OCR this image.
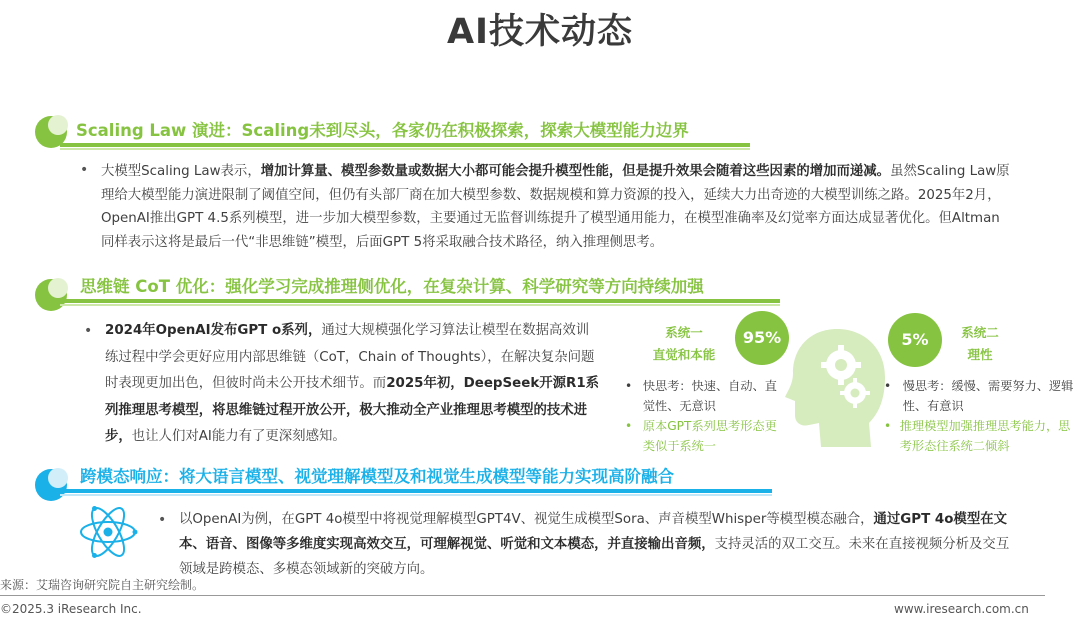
AI技术动态
Scaling Law 演进：Scaling未到尽头，各家仍在积极探索，探索大模型能力边界
• 大模型Scaling Law表示，增加计算量、模型参数量或数据大小都可能会提升模型性能，但是提升效果会随着这些因素的增加而递减。虽然Scaling Law原理给大模型能力演进限制了阈值空间，但仍有头部厂商在加大模型参数、数据规模和算力资源的投入，延续大力出奇迹的大模型训练之路。2025年2月，OpenAI推出GPT 4.5系列模型，进一步加大模型参数，主要通过无监督训练提升了模型通用能力，在模型准确率及幻觉率方面达成显著优化。但Altman同样表示这将是最后一代“非思维链”模型，后面GPT 5将采取融合技术路径，纳入推理侧思考。
思维链 CoT 优化：强化学习完成推理侧优化，在复杂计算、科学研究等方向持续加强
• 2024年OpenAI发布GPT o系列，通过大规模强化学习算法让模型在数据高效训练过程中学会更好应用内部思维链（CoT，Chain of Thoughts），在解决复杂问题时表现更加出色，但彼时尚未公开技术细节。而2025年初，DeepSeek开源R1系列推理思考模型，将思维链过程开放公开，极大推动全产业推理思考模型的技术进步，也让人们对AI能力有了更深刻感知。
系统一
直觉和本能
95%
• 快思考：快速、自动、直觉性、无意识
• 原本GPT系列思考形态更类似于系统一
5%	系统二
理性
• 慢思考：缓慢、需要努力、逻辑性、有意识
• 推理模型加强推理思考能力，思考形态往系统二倾斜
跨模态响应：将大语言模型、视觉理解模型及和视觉生成模型等能力实现高阶融合
• 以OpenAI为例，在GPT 4o模型中将视觉理解模型GPT4V、视觉生成模型Sora、声音模型Whisper等模型模态融合，通过GPT 4o模型在文本、语音、图像等多维度实现高效交互，可理解视觉、听觉和文本模态，并直接输出音频，支持灵活的双工交互。未来在直接视频分析及交互领域是跨模态、多模态领域新的突破方向。
来源：艾瑞咨询研究院自主研究绘制。
©2025.3 iResearch Inc.	www.iresearch.com.cn
